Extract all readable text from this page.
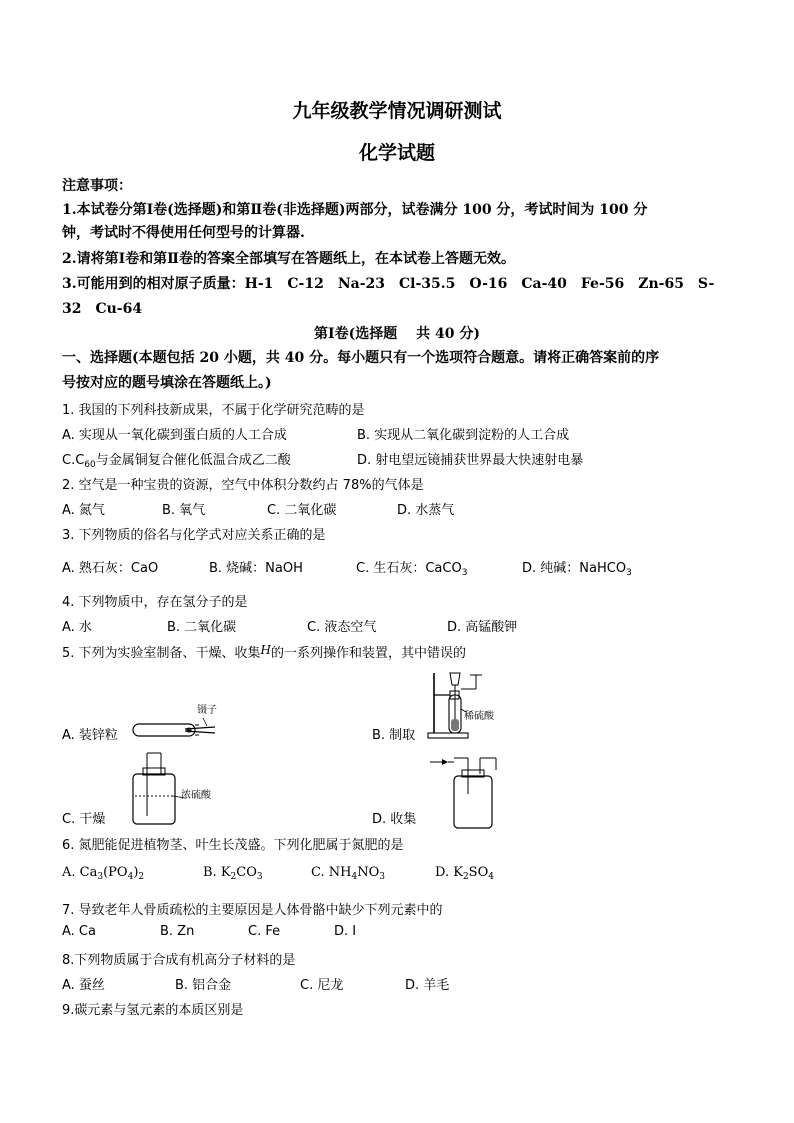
九年级教学情况调研测试
化学试题
注意事项：
1.本试卷分第Ⅰ卷(选择题)和第Ⅱ卷(非选择题)两部分，试卷满分 100 分，考试时间为 100 分
钟，考试时不得使用任何型号的计算器.
2.请将第Ⅰ卷和第Ⅱ卷的答案全部填写在答题纸上，在本试卷上答题无效。
3.可能用到的相对原子质量：H-1　C-12　Na-23　Cl-35.5　O-16　Ca-40　Fe-56　Zn-65　S-
32　Cu-64
第Ⅰ卷(选择题　 共 40 分)
一、选择题(本题包括 20 小题，共 40 分。每小题只有一个选项符合题意。请将正确答案前的序
号按对应的题号填涂在答题纸上。)
1. 我国的下列科技新成果，不属于化学研究范畴的是
A. 实现从一氧化碳到蛋白质的人工合成	B. 实现从二氧化碳到淀粉的人工合成
$C.C_{60}$与金属铜复合催化低温合成乙二酸	D. 射电望远镜捕获世界最大快速射电暴
2. 空气是一种宝贵的资源，空气中体积分数约占 78%的气体是
A. 氮气	B. 氧气	C. 二氧化碳	D. 水蒸气
3. 下列物质的俗名与化学式对应关系正确的是
A. 熟石灰：CaO	B. 烧碱：NaOH	C. 生石灰：CaCO$_3$	D. 纯碱：NaHCO$_3$
4. 下列物质中，存在氢分子的是
A. 水	B. 二氧化碳	C. 液态空气	D. 高锰酸钾
5. 下列为实验室制备、干燥、收集H的一系列操作和装置，其中错误的
A. 装锌粒	B. 制取
C. 干燥	D. 收集
镊子
稀硫酸
浓硫酸
6. 氮肥能促进植物茎、叶生长茂盛。下列化肥属于氮肥的是
A. $Ca_3(PO_4)_2$	B. $K_2CO_3$	C. $NH_4NO_3$	D. $K_2SO_4$
7. 导致老年人骨质疏松的主要原因是人体骨骼中缺少下列元素中的
A. Ca	B. Zn	C. Fe	D. I
8.下列物质属于合成有机高分子材料的是
A. 蚕丝	B. 铝合金	C. 尼龙	D. 羊毛
9.碳元素与氢元素的本质区别是
